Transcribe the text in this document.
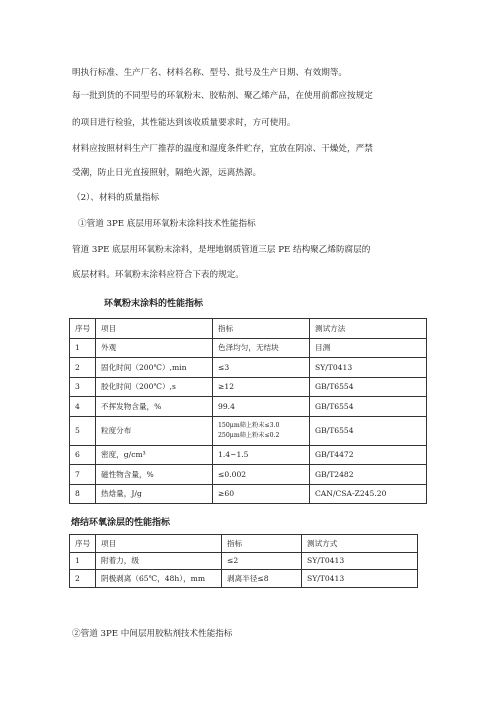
明执行标准、生产厂名、材料名称、型号、批号及生产日期、有效期等。
每一批到货的不同型号的环氧粉末、胶粘剂、聚乙烯产品，在使用前都应按规定
的项目进行检验，其性能达到该收质量要求时，方可使用。
材料应按照材料生产厂推荐的温度和湿度条件贮存，宜放在阴凉、干燥处，严禁
受潮，防止日光直接照射，隔绝火源，远离热源。
（2）、材料的质量指标
①管道 3PE 底层用环氧粉末涂料技术性能指标
管道 3PE 底层用环氧粉末涂料，是埋地钢质管道三层 PE 结构聚乙烯防腐层的
底层材料。环氧粉末涂料应符合下表的规定。
环氧粉末涂料的性能指标
序号	项目	指标	测试方法
1	外观	色泽均匀，无结块	目测
2	固化时间（200℃）,min	≤3	SY/T0413
3	胶化时间（200℃）,s	≥12	GB/T6554
4	不挥发物含量，%	99.4	GB/T6554
5	粒度分布	150μm筛上粉末≤3.0
250μm筛上粉末≤0.2	GB/T6554
6	密度，g/cm³	1.4~1.5	GB/T4472
7	磁性物含量，%	≤0.002	GB/T2482
8	热焓量，J/g	≥60	CAN/CSA-Z245.20
熔结环氧涂层的性能指标
序号	项目	指标	测试方式
1	附着力，级	≤2	SY/T0413
2	阴极剥离（65℃，48h），mm	剥离半径≤8	SY/T0413
②管道 3PE 中间层用胶粘剂技术性能指标
